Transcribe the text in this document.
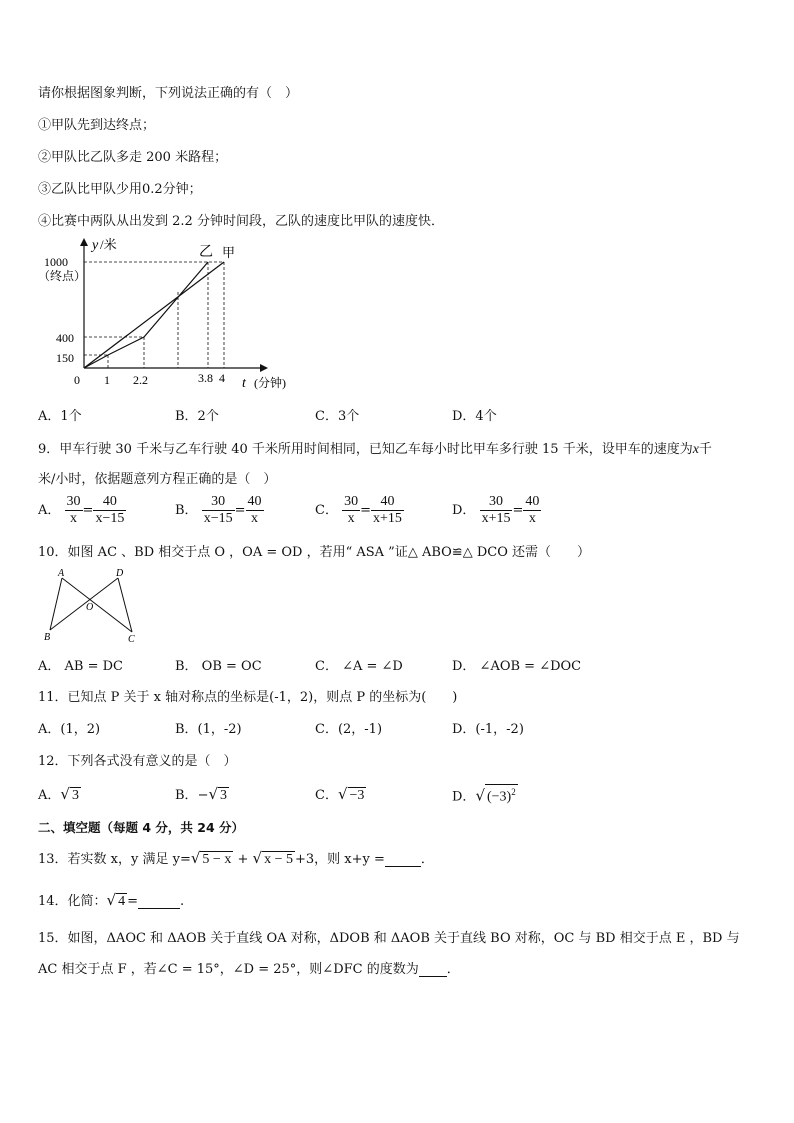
请你根据图象判断，下列说法正确的有（　）
①甲队先到达终点；
②甲队比乙队多走 200 米路程；
③乙队比甲队少用0.2分钟；
④比赛中两队从出发到 2.2 分钟时间段，乙队的速度比甲队的速度快．
y /米
t (分钟)
0
1000
（终点）
400
150
1 2.2	3.8 4
乙 甲
A．1个	B．2个	C．3个	D．4个
9．甲车行驶 30 千米与乙车行驶 40 千米所用时间相同，已知乙车每小时比甲车多行驶 15 千米，设甲车的速度为x千
米/小时，依据题意列方程正确的是（　）
A． $\frac{30}{x} = \frac{40}{x-15}$	B． $\frac{30}{x-15} = \frac{40}{x}$	C． $\frac{30}{x} = \frac{40}{x+15}$	D． $\frac{30}{x+15} = \frac{40}{x}$
10．如图 AC 、BD 相交于点 O ，OA = OD ，若用“ ASA ”证△ ABO≌△ DCO 还需（　　）
A	D
O
B	C
A． AB = DC	B． OB = OC	C． ∠A = ∠D	D． ∠AOB = ∠DOC
11．已知点 P 关于 x 轴对称点的坐标是(-1，2)，则点 P 的坐标为(　　)
A．(1，2)	B．(1，-2)	C．(2，-1)	D．(-1，-2)
12．下列各式没有意义的是（　）
A．√ 3	B．−√ 3	C．√ −3	D．√ $(-3)^2$
二、填空题（每题 4 分，共 24 分）
13．若实数 x，y 满足 y=√ 5 − x + √ x − 5 +3，则 x+y =	．
14．化简：√ 4 =	.
15．如图，ΔAOC 和 ΔAOB 关于直线 OA 对称，ΔDOB 和 ΔAOB 关于直线 BO 对称，OC 与 BD 相交于点 E ，BD 与
AC 相交于点 F ，若∠C = 15°，∠D = 25°，则∠DFC 的度数为 ．
